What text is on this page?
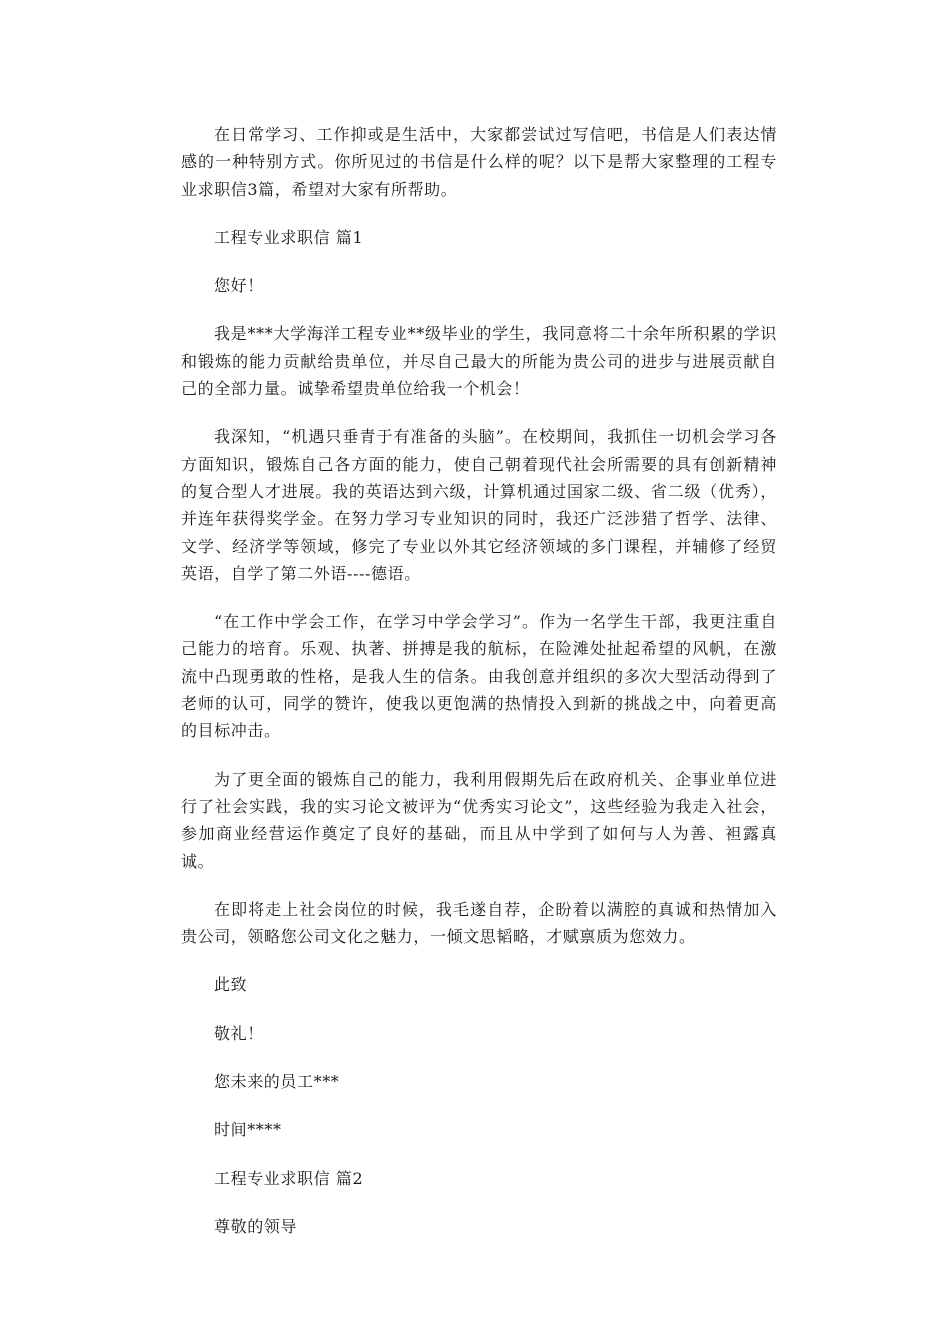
在日常学习、工作抑或是生活中，大家都尝试过写信吧，书信是人们表达情感的一种特别方式。你所见过的书信是什么样的呢？以下是帮大家整理的工程专业求职信3篇，希望对大家有所帮助。

工程专业求职信 篇1

您好！

我是***大学海洋工程专业**级毕业的学生，我同意将二十余年所积累的学识和锻炼的能力贡献给贵单位，并尽自己最大的所能为贵公司的进步与进展贡献自己的全部力量。诚挚希望贵单位给我一个机会！

我深知，“机遇只垂青于有准备的头脑”。在校期间，我抓住一切机会学习各方面知识，锻炼自己各方面的能力，使自己朝着现代社会所需要的具有创新精神的复合型人才进展。我的英语达到六级，计算机通过国家二级、省二级（优秀），并连年获得奖学金。在努力学习专业知识的同时，我还广泛涉猎了哲学、法律、文学、经济学等领域，修完了专业以外其它经济领域的多门课程，并辅修了经贸英语，自学了第二外语----德语。

“在工作中学会工作，在学习中学会学习”。作为一名学生干部，我更注重自己能力的培育。乐观、执著、拼搏是我的航标，在险滩处扯起希望的风帆，在激流中凸现勇敢的性格，是我人生的信条。由我创意并组织的多次大型活动得到了老师的认可，同学的赞许，使我以更饱满的热情投入到新的挑战之中，向着更高的目标冲击。

为了更全面的锻炼自己的能力，我利用假期先后在政府机关、企事业单位进行了社会实践，我的实习论文被评为“优秀实习论文”，这些经验为我走入社会，参加商业经营运作奠定了良好的基础，而且从中学到了如何与人为善、袒露真诚。

在即将走上社会岗位的时候，我毛遂自荐，企盼着以满腔的真诚和热情加入贵公司，领略您公司文化之魅力，一倾文思韬略，才赋禀质为您效力。

此致

敬礼！

您未来的员工***

时间****

工程专业求职信 篇2

尊敬的领导
